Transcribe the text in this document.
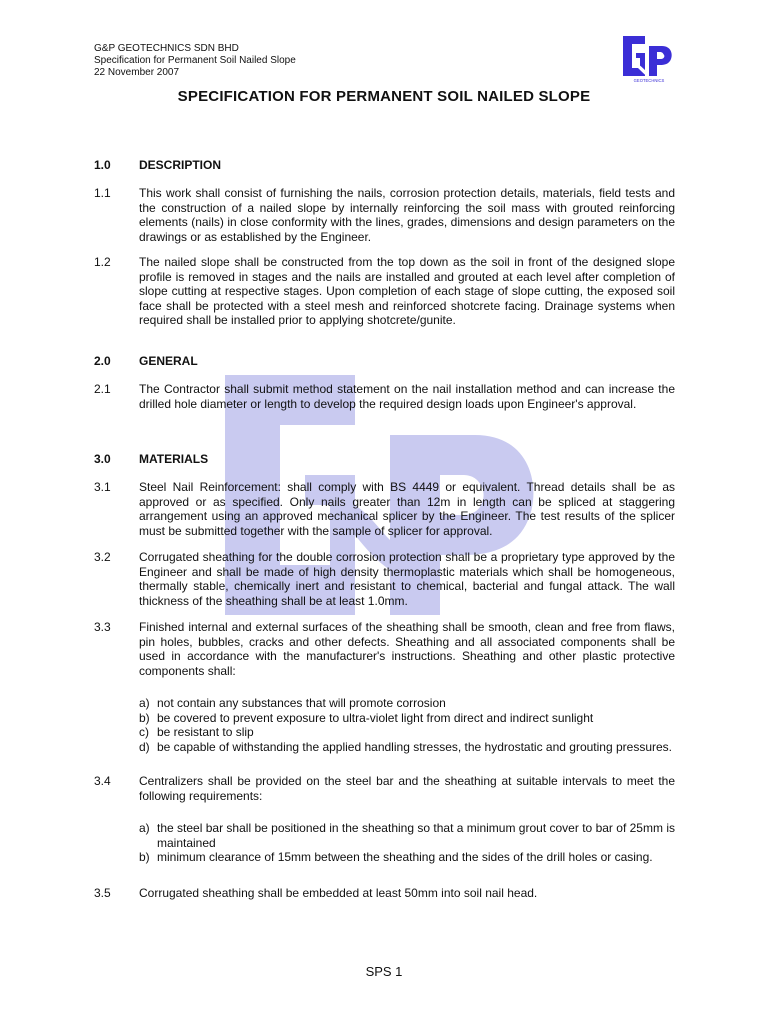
G&P GEOTECHNICS SDN BHD
Specification for Permanent Soil Nailed Slope
22 November 2007
GEOTECHNICS
SPECIFICATION FOR PERMANENT SOIL NAILED SLOPE
1.0	DESCRIPTION
1.1	This work shall consist of furnishing the nails, corrosion protection details, materials, field tests and the construction of a nailed slope by internally reinforcing the soil mass with grouted reinforcing elements (nails) in close conformity with the lines, grades, dimensions and design parameters on the drawings or as established by the Engineer.
1.2	The nailed slope shall be constructed from the top down as the soil in front of the designed slope profile is removed in stages and the nails are installed and grouted at each level after completion of slope cutting at respective stages. Upon completion of each stage of slope cutting, the exposed soil face shall be protected with a steel mesh and reinforced shotcrete facing. Drainage systems when required shall be installed prior to applying shotcrete/gunite.
2.0	GENERAL
2.1	The Contractor shall submit method statement on the nail installation method and can increase the drilled hole diameter or length to develop the required design loads upon Engineer's approval.
3.0	MATERIALS
3.1	Steel Nail Reinforcement: shall comply with BS 4449 or equivalent. Thread details shall be as approved or as specified. Only nails greater than 12m in length can be spliced at staggering arrangement using an approved mechanical splicer by the Engineer. The test results of the splicer must be submitted together with the sample of splicer for approval.
3.2	Corrugated sheathing for the double corrosion protection shall be a proprietary type approved by the Engineer and shall be made of high density thermoplastic materials which shall be homogeneous, thermally stable, chemically inert and resistant to chemical, bacterial and fungal attack. The wall thickness of the sheathing shall be at least 1.0mm.
3.3	Finished internal and external surfaces of the sheathing shall be smooth, clean and free from flaws, pin holes, bubbles, cracks and other defects. Sheathing and all associated components shall be used in accordance with the manufacturer's instructions. Sheathing and other plastic protective components shall:
a) not contain any substances that will promote corrosion
b) be covered to prevent exposure to ultra-violet light from direct and indirect sunlight
c) be resistant to slip
d) be capable of withstanding the applied handling stresses, the hydrostatic and grouting pressures.
3.4	Centralizers shall be provided on the steel bar and the sheathing at suitable intervals to meet the following requirements:
a) the steel bar shall be positioned in the sheathing so that a minimum grout cover to bar of 25mm is maintained
b) minimum clearance of 15mm between the sheathing and the sides of the drill holes or casing.
3.5	Corrugated sheathing shall be embedded at least 50mm into soil nail head.
SPS 1
